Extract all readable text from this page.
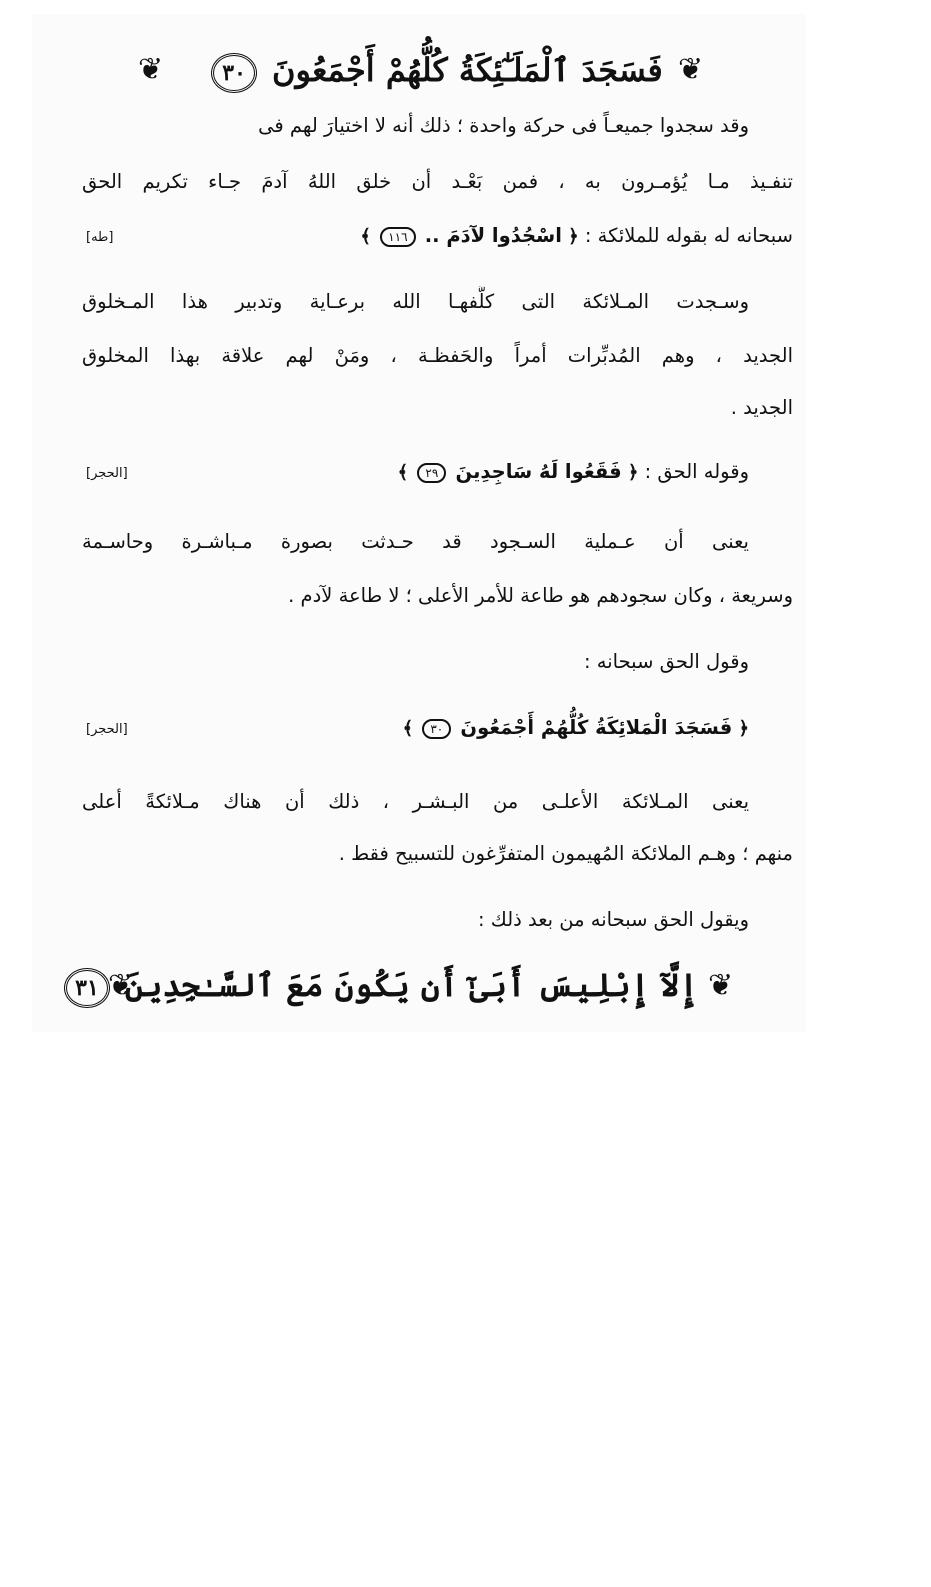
❦	فَسَجَدَ ٱلْمَلَـٰٓئِكَةُ كُلُّهُمْ أَجْمَعُونَ ٣٠	❦
وقد سجدوا جميعـاً فى حركة واحدة ؛ ذلك أنه لا اختيارَ لهم فى
تنفـيذ مـا يُؤمـرون به ، فمن بَعْـد أن خلق اللهُ آدمَ جـاء تكريم الحق
سبحانه له بقوله للملائكة : ﴿ اسْجُدُوا لآدَمَ .. ١١٦ ﴾
[طه]
وسـجدت المـلائكة التى كلَّفهـا الله برعـاية وتدبير هذا المـخلوق
الجديد ، وهم المُدبِّرات أمراً والحَفظـة ، ومَنْ لهم علاقة بهذا المخلوق
الجديد .
وقوله الحق : ﴿ فَقَعُوا لَهُ سَاجِدِينَ ٢٩ ﴾
[الحجر]
يعنى أن عـملية السـجود قد حـدثت بصورة مـباشـرة وحاسـمة
وسريعة ، وكان سجودهم هو طاعة للأمر الأعلى ؛ لا طاعة لآدم .
وقول الحق سبحانه :
﴿ فَسَجَدَ الْمَلائِكَةُ كُلُّهُمْ أَجْمَعُونَ ٣٠ ﴾
[الحجر]
يعنى المـلائكة الأعلـى من البـشـر ، ذلك أن هناك مـلائكةً أعلى
منهم ؛ وهـم الملائكة المُهيمون المتفرِّغون للتسبيح فقط .
ويقول الحق سبحانه من بعد ذلك :
❦
إِلَّآ إِبْلِيسَ أَبَىٰٓ أَن يَكُونَ مَعَ ٱلسَّـٰجِدِينَ ٣١	❦
